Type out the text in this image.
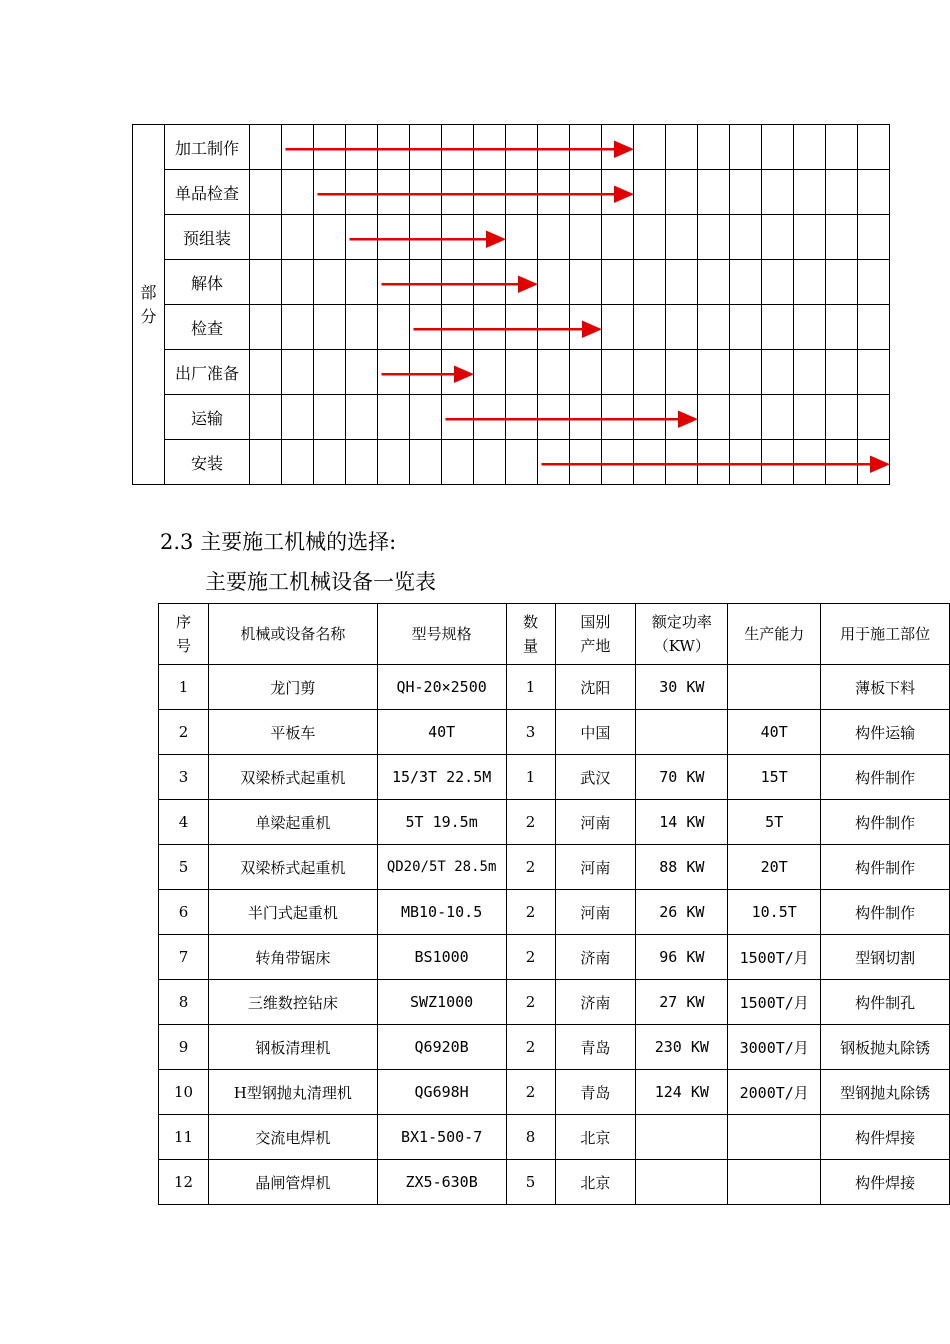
部
分	加工制作																				
	单品检查																				
	预组装																				
	解体																				
	检查																				
	出厂准备																				
	运输																				
	安装																				
2.3 主要施工机械的选择:
主要施工机械设备一览表
序号	机械或设备名称	型号规格	数量	国别产地	额定功率（KW）	生产能力	用于施工部位
1	龙门剪	QH-20×2500	1	沈阳	30 KW		薄板下料
2	平板车	40T	3	中国		40T	构件运输
3	双梁桥式起重机	15/3T 22.5M	1	武汉	70 KW	15T	构件制作
4	单梁起重机	5T 19.5m	2	河南	14 KW	5T	构件制作
5	双梁桥式起重机	QD20/5T 28.5m	2	河南	88 KW	20T	构件制作
6	半门式起重机	MB10-10.5	2	河南	26 KW	10.5T	构件制作
7	转角带锯床	BS1000	2	济南	96 KW	1500T/月	型钢切割
8	三维数控钻床	SWZ1000	2	济南	27 KW	1500T/月	构件制孔
9	钢板清理机	Q6920B	2	青岛	230 KW	3000T/月	钢板抛丸除锈
10	H型钢抛丸清理机	QG698H	2	青岛	124 KW	2000T/月	型钢抛丸除锈
11	交流电焊机	BX1-500-7	8	北京			构件焊接
12	晶闸管焊机	ZX5-630B	5	北京			构件焊接
